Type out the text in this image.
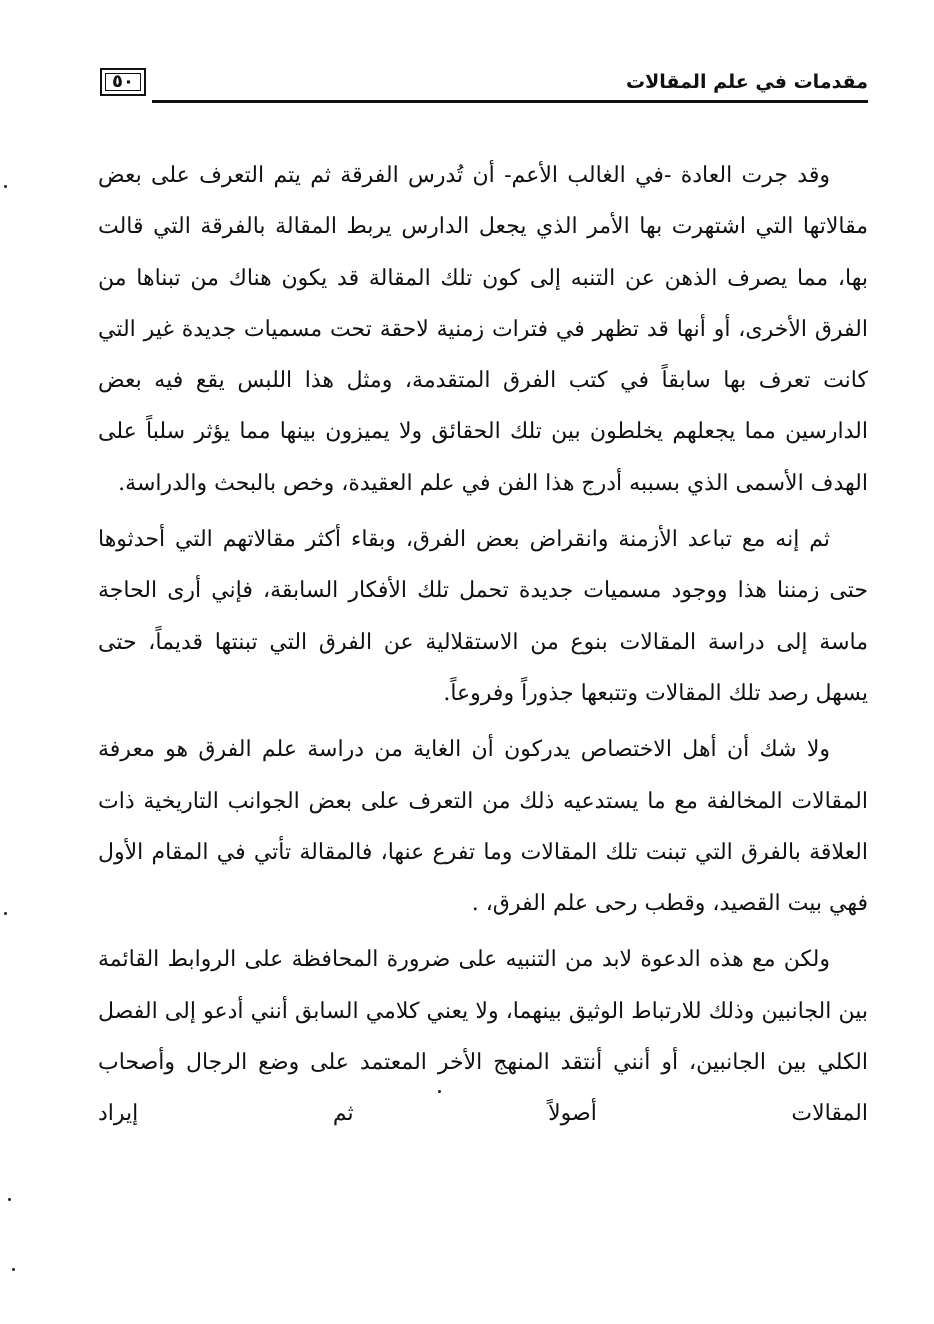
٥٠	مقدمات في علم المقالات

وقد جرت العادة -في الغالب الأعم- أن تُدرس الفرقة ثم يتم التعرف على بعض مقالاتها التي اشتهرت بها الأمر الذي يجعل الدارس يربط المقالة بالفرقة التي قالت بها، مما يصرف الذهن عن التنبه إلى كون تلك المقالة قد يكون هناك من تبناها من الفرق الأخرى، أو أنها قد تظهر في فترات زمنية لاحقة تحت مسميات جديدة غير التي كانت تعرف بها سابقاً في كتب الفرق المتقدمة، ومثل هذا اللبس يقع فيه بعض الدارسين مما يجعلهم يخلطون بين تلك الحقائق ولا يميزون بينها مما يؤثر سلباً على الهدف الأسمى الذي بسببه أدرج هذا الفن في علم العقيدة، وخص بالبحث والدراسة.

ثم إنه مع تباعد الأزمنة وانقراض بعض الفرق، وبقاء أكثر مقالاتهم التي أحدثوها حتى زمننا هذا ووجود مسميات جديدة تحمل تلك الأفكار السابقة، فإني أرى الحاجة ماسة إلى دراسة المقالات بنوع من الاستقلالية عن الفرق التي تبنتها قديماً، حتى يسهل رصد تلك المقالات وتتبعها جذوراً وفروعاً.

ولا شك أن أهل الاختصاص يدركون أن الغاية من دراسة علم الفرق هو معرفة المقالات المخالفة مع ما يستدعيه ذلك من التعرف على بعض الجوانب التاريخية ذات العلاقة بالفرق التي تبنت تلك المقالات وما تفرع عنها، فالمقالة تأتي في المقام الأول فهي بيت القصيد، وقطب رحى علم الفرق، .

ولكن مع هذه الدعوة لابد من التنبيه على ضرورة المحافظة على الروابط القائمة بين الجانبين وذلك للارتباط الوثيق بينهما، ولا يعني كلامي السابق أنني أدعو إلى الفصل الكلي بين الجانبين، أو أنني أنتقد المنهج الأخر المعتمد على وضع الرجال وأصحاب المقالات أصولاً ثم إيراد
